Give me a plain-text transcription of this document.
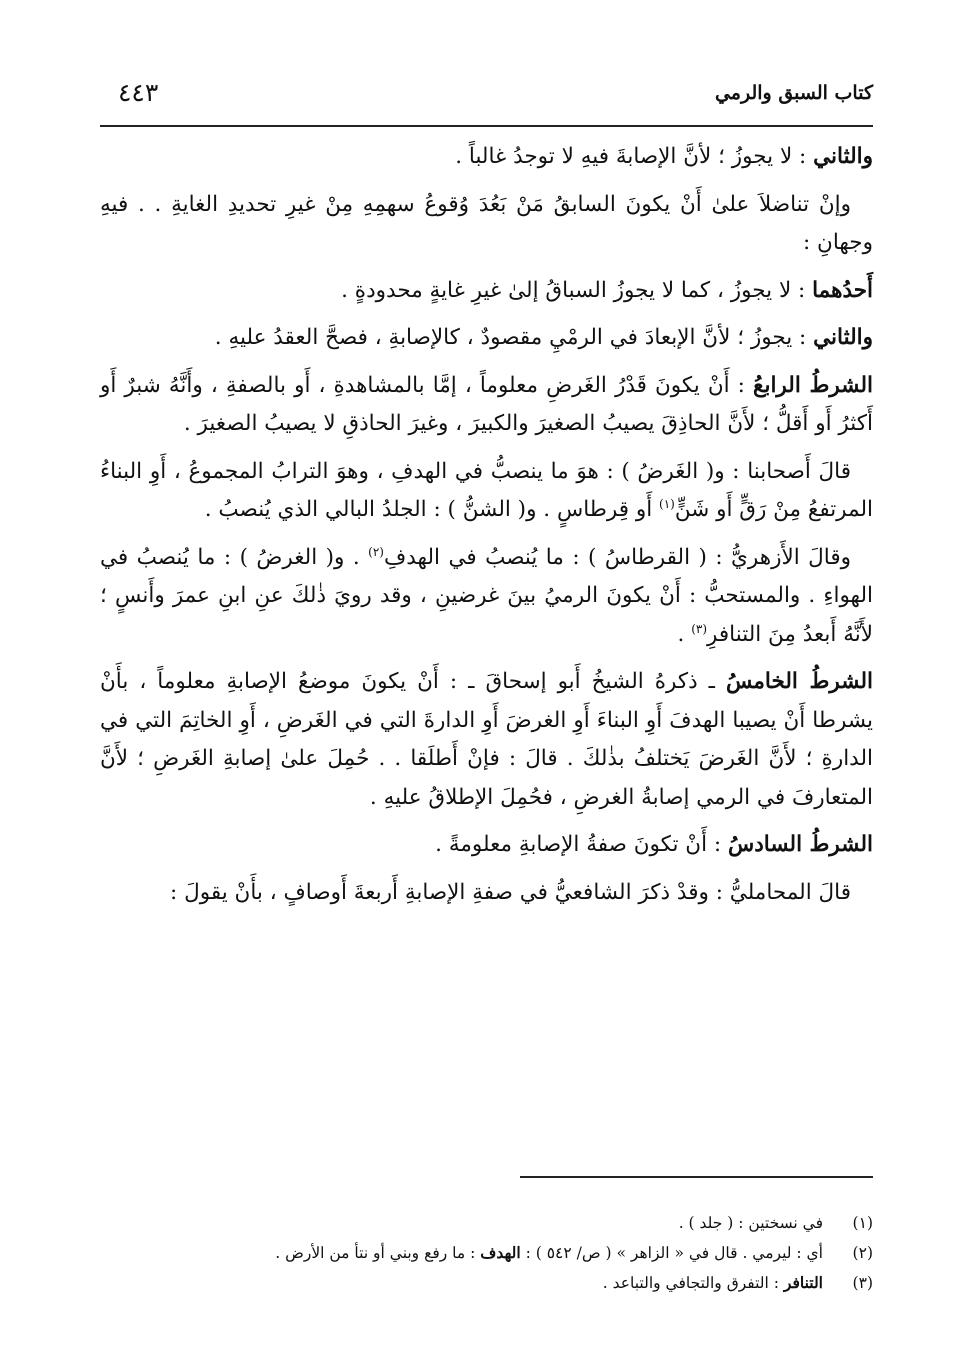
كتاب السبق والرمي
٤٤٣

والثاني : لا يجوزُ ؛ لأنَّ الإصابةَ فيهِ لا توجدُ غالباً .

وإنْ تناضلاَ علىٰ أَنْ يكونَ السابقُ مَنْ بَعُدَ وُقوعُ سهمِهِ مِنْ غيرِ تحديدِ الغايةِ . . فيهِ وجهانِ :

أَحدُهما : لا يجوزُ ، كما لا يجوزُ السباقُ إلىٰ غيرِ غايةٍ محدودةٍ .

والثاني : يجوزُ ؛ لأنَّ الإبعادَ في الرمْيِ مقصودٌ ، كالإصابةِ ، فصحَّ العقدُ عليهِ .

الشرطُ الرابعُ : أَنْ يكونَ قَدْرُ الغَرضِ معلوماً ، إمَّا بالمشاهدةِ ، أَو بالصفةِ ، وأَنَّهُ شبرٌ أَو أَكثرُ أَو أَقلُّ ؛ لأَنَّ الحاذِقَ يصيبُ الصغيرَ والكبيرَ ، وغيرَ الحاذقِ لا يصيبُ الصغيرَ .

قالَ أَصحابنا : و( الغَرضُ ) : هوَ ما ينصبُّ في الهدفِ ، وهوَ الترابُ المجموعُ ، أَوِ البناءُ المرتفعُ مِنْ رَقٍّ أَو شَنٍّ$^{(١)}$ أَو قِرطاسٍ . و( الشنُّ ) : الجلدُ البالي الذي يُنصبُ .

وقالَ الأَزهريُّ : ( القرطاسُ ) : ما يُنصبُ في الهدفِ$^{(٢)}$ . و( الغرضُ ) : ما يُنصبُ في الهواءِ . والمستحبُّ : أَنْ يكونَ الرميُ بينَ غرضينِ ، وقد رويَ ذٰلكَ عنِ ابنِ عمرَ وأَنسٍ ؛ لأَنَّهُ أَبعدُ مِنَ التنافرِ$^{(٣)}$ .

الشرطُ الخامسُ ـ ذكرهُ الشيخُ أَبو إسحاقَ ـ : أَنْ يكونَ موضعُ الإصابةِ معلوماً ، بأَنْ يشرطا أَنْ يصيبا الهدفَ أَوِ البناءَ أَوِ الغرضَ أَوِ الدارةَ التي في الغَرضِ ، أَوِ الخاتِمَ التي في الدارةِ ؛ لأَنَّ الغَرضَ يَختلفُ بذٰلكَ . قالَ : فإنْ أَطلَقا . . حُمِلَ علىٰ إصابةِ الغَرضِ ؛ لأَنَّ المتعارفَ في الرمي إصابةُ الغرضِ ، فحُمِلَ الإطلاقُ عليهِ .

الشرطُ السادسُ : أَنْ تكونَ صفةُ الإصابةِ معلومةً .

قالَ المحامليُّ : وقدْ ذكرَ الشافعيُّ في صفةِ الإصابةِ أَربعةَ أَوصافٍ ، بأَنْ يقولَ :

(١)
في نسختين : ( جلد ) .
(٢)
أي : ليرمي . قال في « الزاهر » ( ص/ ٥٤٢ ) : الهدف : ما رفع وبني أو نتأ من الأرض .
(٣)
التنافر : التفرق والتجافي والتباعد .
